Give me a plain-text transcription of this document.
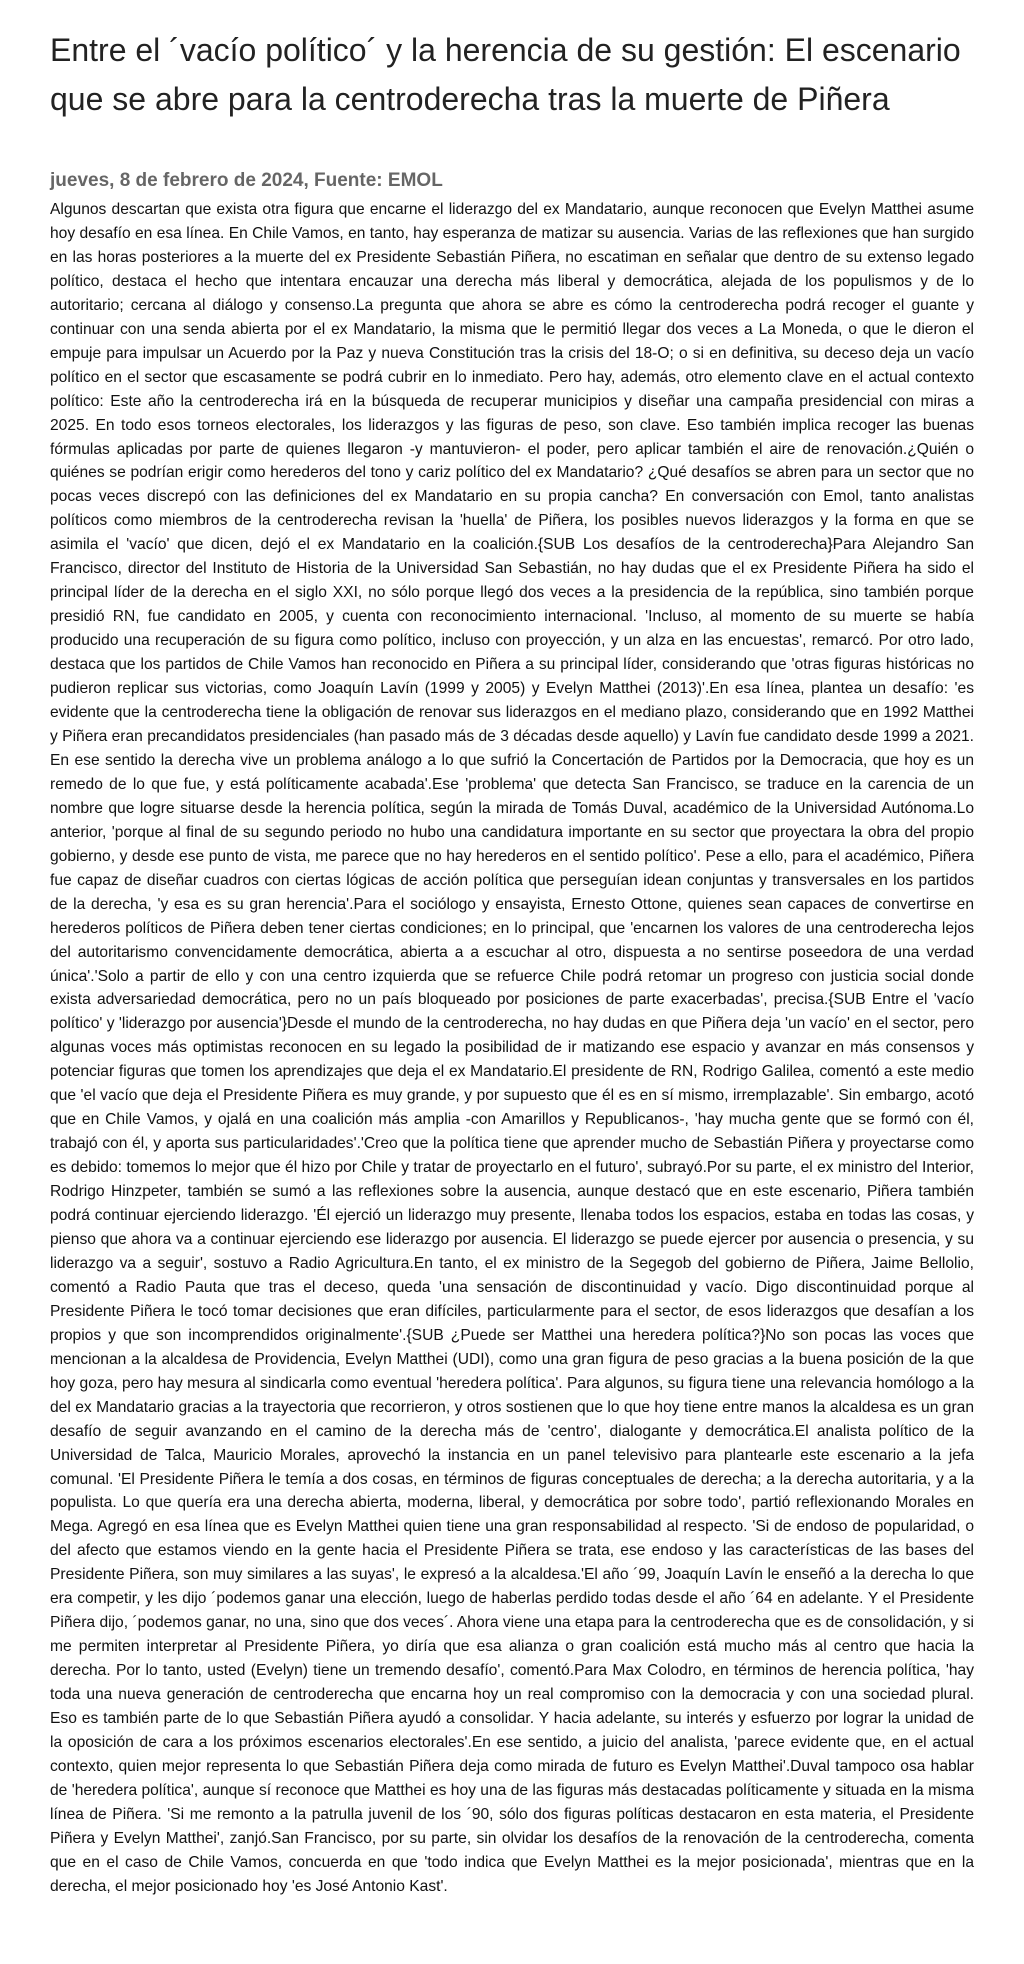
Entre el ´vacío político´ y la herencia de su gestión: El escenario que se abre para la centroderecha tras la muerte de Piñera
jueves, 8 de febrero de 2024, Fuente: EMOL

Algunos descartan que exista otra figura que encarne el liderazgo del ex Mandatario, aunque reconocen que Evelyn Matthei asume hoy desafío en esa línea. En Chile Vamos, en tanto, hay esperanza de matizar su ausencia. Varias de las reflexiones que han surgido en las horas posteriores a la muerte del ex Presidente Sebastián Piñera, no escatiman en señalar que dentro de su extenso legado político, destaca el hecho que intentara encauzar una derecha más liberal y democrática, alejada de los populismos y de lo autoritario; cercana al diálogo y consenso.La pregunta que ahora se abre es cómo la centroderecha podrá recoger el guante y continuar con una senda abierta por el ex Mandatario, la misma que le permitió llegar dos veces a La Moneda, o que le dieron el empuje para impulsar un Acuerdo por la Paz y nueva Constitución tras la crisis del 18-O; o si en definitiva, su deceso deja un vacío político en el sector que escasamente se podrá cubrir en lo inmediato. Pero hay, además, otro elemento clave en el actual contexto político: Este año la centroderecha irá en la búsqueda de recuperar municipios y diseñar una campaña presidencial con miras a 2025. En todo esos torneos electorales, los liderazgos y las figuras de peso, son clave. Eso también implica recoger las buenas fórmulas aplicadas por parte de quienes llegaron -y mantuvieron- el poder, pero aplicar también el aire de renovación.¿Quién o quiénes se podrían erigir como herederos del tono y cariz político del ex Mandatario? ¿Qué desafíos se abren para un sector que no pocas veces discrepó con las definiciones del ex Mandatario en su propia cancha? En conversación con Emol, tanto analistas políticos como miembros de la centroderecha revisan la 'huella' de Piñera, los posibles nuevos liderazgos y la forma en que se asimila el 'vacío' que dicen, dejó el ex Mandatario en la coalición.{SUB Los desafíos de la centroderecha}Para Alejandro San Francisco, director del Instituto de Historia de la Universidad San Sebastián, no hay dudas que el ex Presidente Piñera ha sido el principal líder de la derecha en el siglo XXI, no sólo porque llegó dos veces a la presidencia de la república, sino también porque presidió RN, fue candidato en 2005, y cuenta con reconocimiento internacional. 'Incluso, al momento de su muerte se había producido una recuperación de su figura como político, incluso con proyección, y un alza en las encuestas', remarcó. Por otro lado, destaca que los partidos de Chile Vamos han reconocido en Piñera a su principal líder, considerando que 'otras figuras históricas no pudieron replicar sus victorias, como Joaquín Lavín (1999 y 2005) y Evelyn Matthei (2013)'.En esa línea, plantea un desafío: 'es evidente que la centroderecha tiene la obligación de renovar sus liderazgos en el mediano plazo, considerando que en 1992 Matthei y Piñera eran precandidatos presidenciales (han pasado más de 3 décadas desde aquello) y Lavín fue candidato desde 1999 a 2021. En ese sentido la derecha vive un problema análogo a lo que sufrió la Concertación de Partidos por la Democracia, que hoy es un remedo de lo que fue, y está políticamente acabada'.Ese 'problema' que detecta San Francisco, se traduce en la carencia de un nombre que logre situarse desde la herencia política, según la mirada de Tomás Duval, académico de la Universidad Autónoma.Lo anterior, 'porque al final de su segundo periodo no hubo una candidatura importante en su sector que proyectara la obra del propio gobierno, y desde ese punto de vista, me parece que no hay herederos en el sentido político'. Pese a ello, para el académico, Piñera fue capaz de diseñar cuadros con ciertas lógicas de acción política que perseguían idean conjuntas y transversales en los partidos de la derecha, 'y esa es su gran herencia'.Para el sociólogo y ensayista, Ernesto Ottone, quienes sean capaces de convertirse en herederos políticos de Piñera deben tener ciertas condiciones; en lo principal, que 'encarnen los valores de una centroderecha lejos del autoritarismo convencidamente democrática, abierta a a escuchar al otro, dispuesta a no sentirse poseedora de una verdad única'.'Solo a partir de ello y con una centro izquierda que se refuerce Chile podrá retomar un progreso con justicia social donde exista adversariedad democrática, pero no un país bloqueado por posiciones de parte exacerbadas', precisa.{SUB Entre el 'vacío político' y 'liderazgo por ausencia'}Desde el mundo de la centroderecha, no hay dudas en que Piñera deja 'un vacío' en el sector, pero algunas voces más optimistas reconocen en su legado la posibilidad de ir matizando ese espacio y avanzar en más consensos y potenciar figuras que tomen los aprendizajes que deja el ex Mandatario.El presidente de RN, Rodrigo Galilea, comentó a este medio que 'el vacío que deja el Presidente Piñera es muy grande, y por supuesto que él es en sí mismo, irremplazable'. Sin embargo, acotó que en Chile Vamos, y ojalá en una coalición más amplia -con Amarillos y Republicanos-, 'hay mucha gente que se formó con él, trabajó con él, y aporta sus particularidades'.'Creo que la política tiene que aprender mucho de Sebastián Piñera y proyectarse como es debido: tomemos lo mejor que él hizo por Chile y tratar de proyectarlo en el futuro', subrayó.Por su parte, el ex ministro del Interior, Rodrigo Hinzpeter, también se sumó a las reflexiones sobre la ausencia, aunque destacó que en este escenario, Piñera también podrá continuar ejerciendo liderazgo. 'Él ejerció un liderazgo muy presente, llenaba todos los espacios, estaba en todas las cosas, y pienso que ahora va a continuar ejerciendo ese liderazgo por ausencia. El liderazgo se puede ejercer por ausencia o presencia, y su liderazgo va a seguir', sostuvo a Radio Agricultura.En tanto, el ex ministro de la Segegob del gobierno de Piñera, Jaime Bellolio, comentó a Radio Pauta que tras el deceso, queda 'una sensación de discontinuidad y vacío. Digo discontinuidad porque al Presidente Piñera le tocó tomar decisiones que eran difíciles, particularmente para el sector, de esos liderazgos que desafían a los propios y que son incomprendidos originalmente'.{SUB ¿Puede ser Matthei una heredera política?}No son pocas las voces que mencionan a la alcaldesa de Providencia, Evelyn Matthei (UDI), como una gran figura de peso gracias a la buena posición de la que hoy goza, pero hay mesura al sindicarla como eventual 'heredera política'. Para algunos, su figura tiene una relevancia homólogo a la del ex Mandatario gracias a la trayectoria que recorrieron, y otros sostienen que lo que hoy tiene entre manos la alcaldesa es un gran desafío de seguir avanzando en el camino de la derecha más de 'centro', dialogante y democrática.El analista político de la Universidad de Talca, Mauricio Morales, aprovechó la instancia en un panel televisivo para plantearle este escenario a la jefa comunal. 'El Presidente Piñera le temía a dos cosas, en términos de figuras conceptuales de derecha; a la derecha autoritaria, y a la populista. Lo que quería era una derecha abierta, moderna, liberal, y democrática por sobre todo', partió reflexionando Morales en Mega. Agregó en esa línea que es Evelyn Matthei quien tiene una gran responsabilidad al respecto. 'Si de endoso de popularidad, o del afecto que estamos viendo en la gente hacia el Presidente Piñera se trata, ese endoso y las características de las bases del Presidente Piñera, son muy similares a las suyas', le expresó a la alcaldesa.'El año ´99, Joaquín Lavín le enseñó a la derecha lo que era competir, y les dijo ´podemos ganar una elección, luego de haberlas perdido todas desde el año ´64 en adelante. Y el Presidente Piñera dijo, ´podemos ganar, no una, sino que dos veces´. Ahora viene una etapa para la centroderecha que es de consolidación, y si me permiten interpretar al Presidente Piñera, yo diría que esa alianza o gran coalición está mucho más al centro que hacia la derecha. Por lo tanto, usted (Evelyn) tiene un tremendo desafío', comentó.Para Max Colodro, en términos de herencia política, 'hay toda una nueva generación de centroderecha que encarna hoy un real compromiso con la democracia y con una sociedad plural. Eso es también parte de lo que Sebastián Piñera ayudó a consolidar. Y hacia adelante, su interés y esfuerzo por lograr la unidad de la oposición de cara a los próximos escenarios electorales'.En ese sentido, a juicio del analista, 'parece evidente que, en el actual contexto, quien mejor representa lo que Sebastián Piñera deja como mirada de futuro es Evelyn Matthei'.Duval tampoco osa hablar de 'heredera política', aunque sí reconoce que Matthei es hoy una de las figuras más destacadas políticamente y situada en la misma línea de Piñera. 'Si me remonto a la patrulla juvenil de los ´90, sólo dos figuras políticas destacaron en esta materia, el Presidente Piñera y Evelyn Matthei', zanjó.San Francisco, por su parte, sin olvidar los desafíos de la renovación de la centroderecha, comenta que en el caso de Chile Vamos, concuerda en que 'todo indica que Evelyn Matthei es la mejor posicionada', mientras que en la derecha, el mejor posicionado hoy 'es José Antonio Kast'.
